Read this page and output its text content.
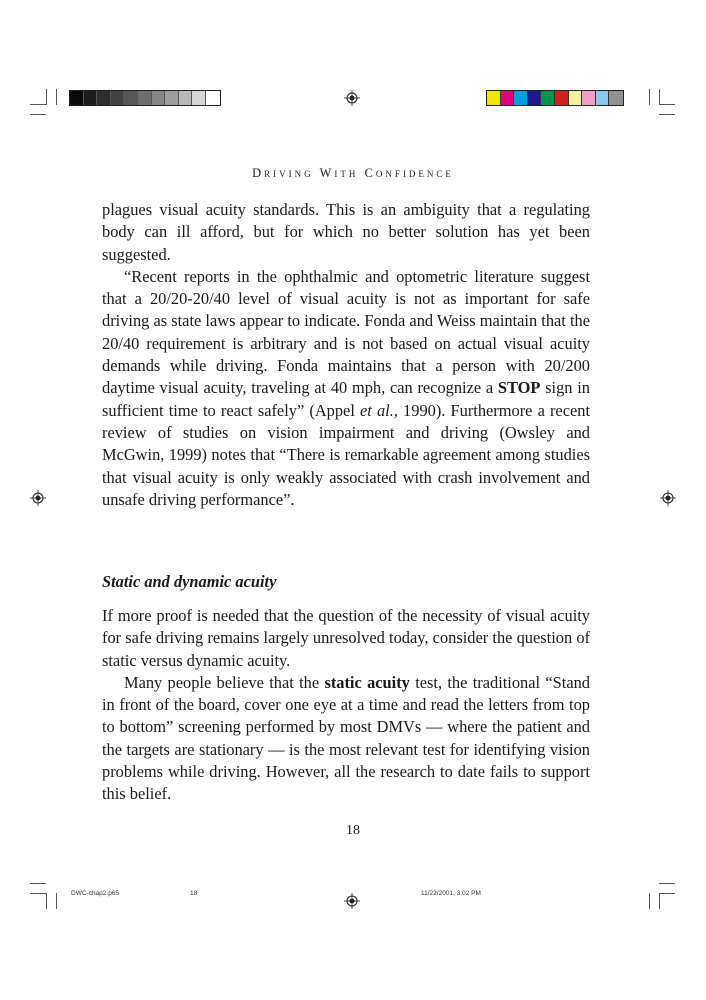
Driving With Confidence

plagues visual acuity standards. This is an ambiguity that a regulating body can ill afford, but for which no better solution has yet been suggested.

“Recent reports in the ophthalmic and optometric literature suggest that a 20/20-20/40 level of visual acuity is not as important for safe driving as state laws appear to indicate. Fonda and Weiss maintain that the 20/40 requirement is arbitrary and is not based on actual visual acuity demands while driving. Fonda maintains that a person with 20/200 daytime visual acuity, traveling at 40 mph, can recognize a STOP sign in sufficient time to react safely” (Appel et al., 1990). Furthermore a recent review of studies on vision impairment and driving (Owsley and McGwin, 1999) notes that “There is remarkable agreement among studies that visual acuity is only weakly associated with crash involvement and unsafe driving performance”.

Static and dynamic acuity

If more proof is needed that the question of the necessity of visual acuity for safe driving remains largely unresolved today, consider the question of static versus dynamic acuity.

Many people believe that the static acuity test, the traditional “Stand in front of the board, cover one eye at a time and read the letters from top to bottom” screening performed by most DMVs — where the patient and the targets are stationary — is the most relevant test for identifying vision problems while driving. However, all the research to date fails to support this belief.

18
DWC-chap2.p65	18	11/22/2001, 3:02 PM
